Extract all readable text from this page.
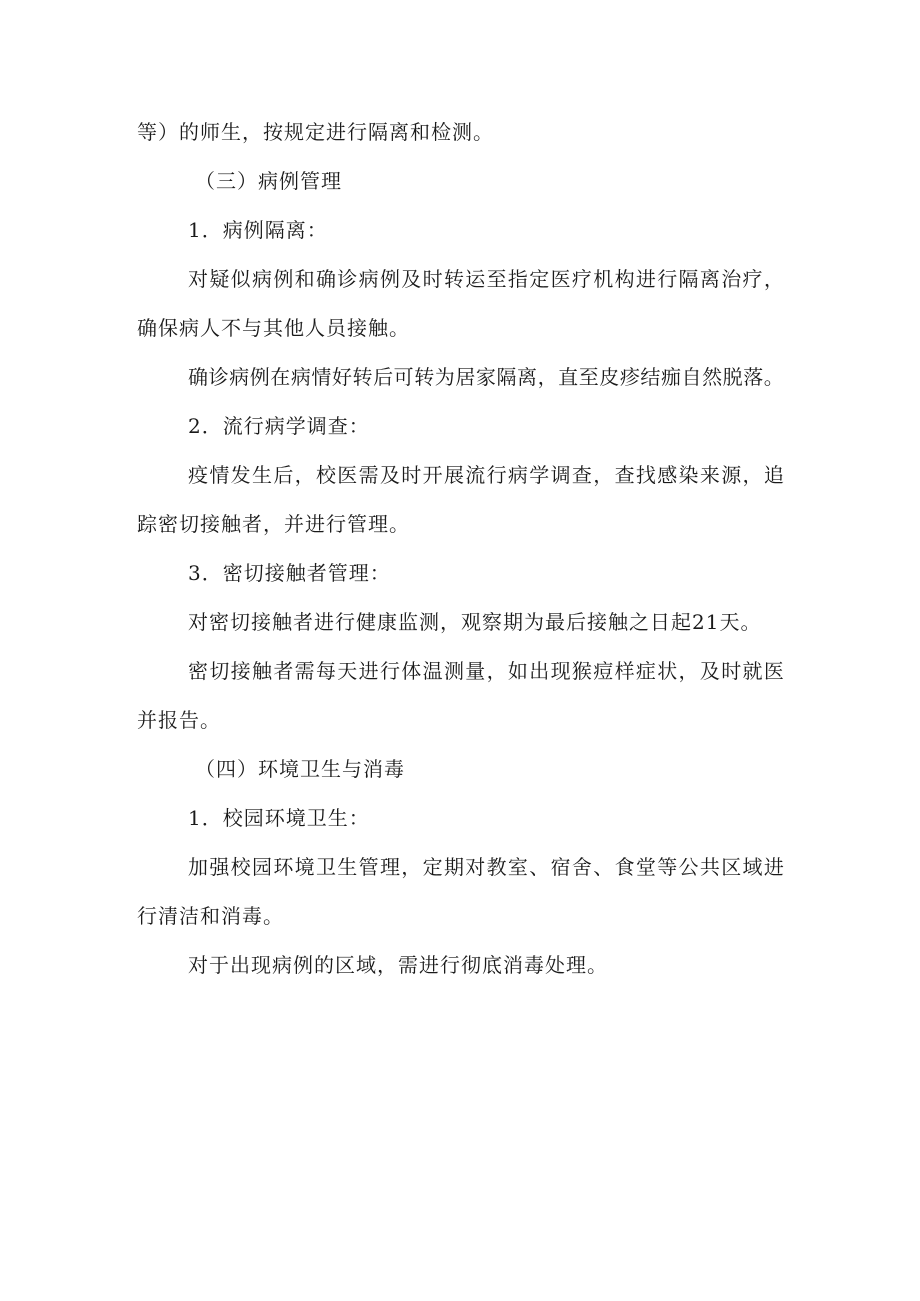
等）的师生，按规定进行隔离和检测。
（三）病例管理
1．病例隔离：
对 疑 似 病 例 和 确 诊 病 例 及 时 转 运 至 指 定 医 疗 机 构 进 行 隔 离 治 疗 ，
确保病人不与其他人员接触。
确 诊 病 例 在 病 情 好 转 后 可 转 为 居 家 隔 离 ， 直 至 皮 疹 结 痂 自 然 脱 落 。
2．流行病学调查：
疫 情 发 生 后 ， 校 医 需 及 时 开 展 流 行 病 学 调 查 ， 查 找 感 染 来 源 ， 追
踪密切接触者，并进行管理。
3．密切接触者管理：
对密切接触者进行健康监测，观察期为最后接触之日起21天。
密 切 接 触 者 需 每 天 进 行 体 温 测 量 ， 如 出 现 猴 痘 样 症 状 ， 及 时 就 医
并报告。
（四）环境卫生与消毒
1．校园环境卫生：
加 强 校 园 环 境 卫 生 管 理 ， 定 期 对 教 室 、 宿 舍 、 食 堂 等 公 共 区 域 进
行清洁和消毒。
对于出现病例的区域，需进行彻底消毒处理。
